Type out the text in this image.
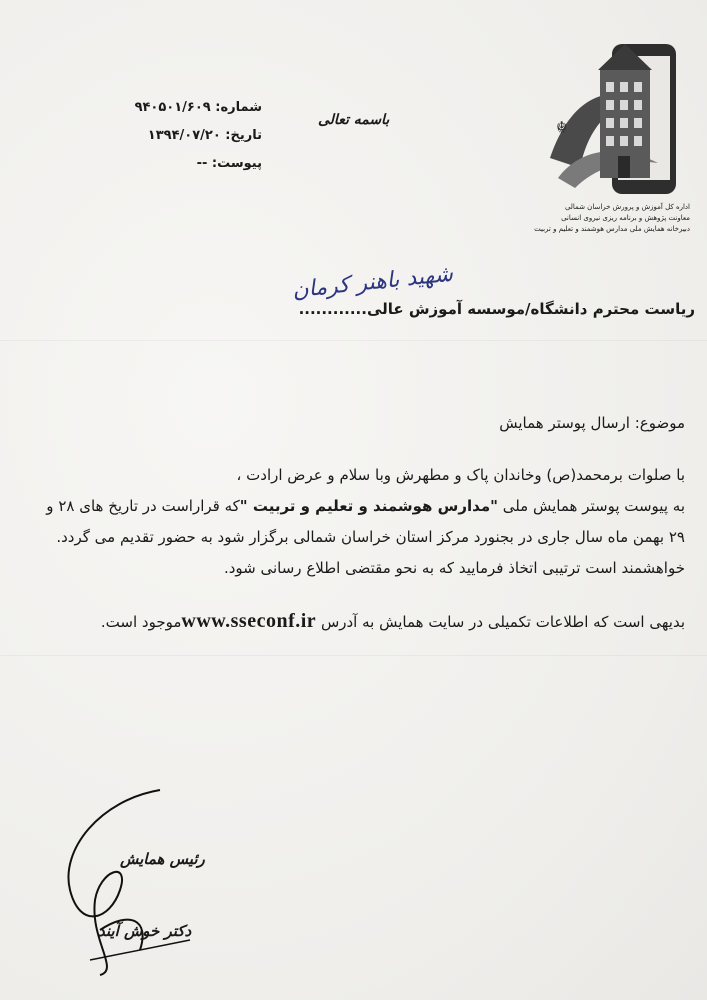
شماره: ۹۴۰۵۰۱/۶۰۹
تاریخ: ۱۳۹۴/۰۷/۲۰
پیوست: --
باسمه تعالی	☬
اداره کل آموزش و پرورش خراسان شمالی
معاونت پژوهش و برنامه ریزی نیروی انسانی
دبیرخانه همایش ملی مدارس هوشمند و تعلیم و تربیت
شهید باهنر کرمان
ریاست محترم دانشگاه/موسسه آموزش عالی............
موضوع: ارسال پوستر همایش

با صلوات برمحمد(ص) وخاندان پاک و مطهرش وبا سلام و عرض ارادت ،

به پیوست پوستر همایش ملی "مدارس هوشمند و تعلیم و تربیت "که قراراست در تاریخ های ۲۸ و

۲۹ بهمن ماه سال جاری در بجنورد مرکز استان خراسان شمالی برگزار شود به حضور تقدیم می گردد.

خواهشمند است ترتیبی اتخاذ فرمایید که به نحو مقتضی اطلاع رسانی شود.

بدیهی است که اطلاعات تکمیلی در سایت همایش به آدرس www.sseconf.irموجود است.

رئیس همایش
دکتر خوش آیند
